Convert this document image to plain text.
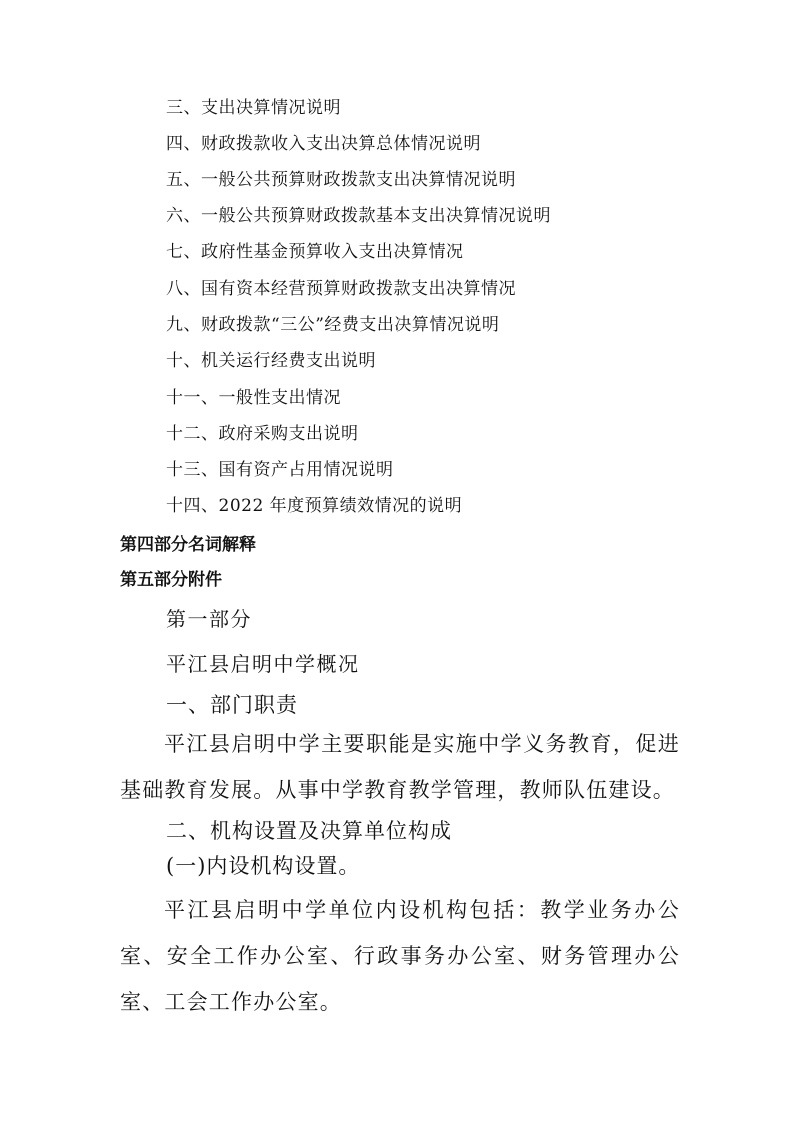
三、支出决算情况说明
四、财政拨款收入支出决算总体情况说明
五、一般公共预算财政拨款支出决算情况说明
六、一般公共预算财政拨款基本支出决算情况说明
七、政府性基金预算收入支出决算情况
八、国有资本经营预算财政拨款支出决算情况
九、财政拨款“三公”经费支出决算情况说明
十、机关运行经费支出说明
十一、一般性支出情况
十二、政府采购支出说明
十三、国有资产占用情况说明
十四、2022 年度预算绩效情况的说明
第四部分名词解释
第五部分附件
第一部分
平江县启明中学概况
一、部门职责
平江县启明中学主要职能是实施中学义务教育，促进基础教育发展。从事中学教育教学管理，教师队伍建设。
二、机构设置及决算单位构成
(一)内设机构设置。
平江县启明中学单位内设机构包括：教学业务办公室、安全工作办公室、行政事务办公室、财务管理办公室、工会工作办公室。
